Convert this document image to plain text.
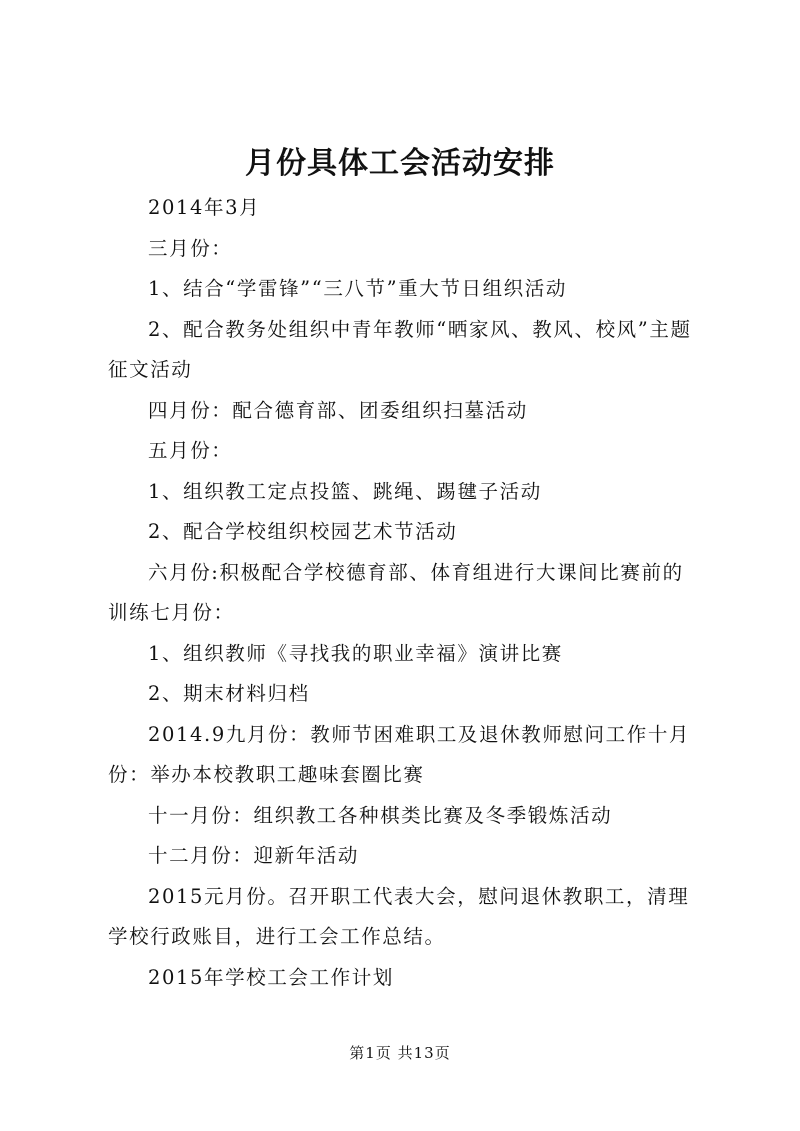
月份具体工会活动安排

2014年3月

三月份：

1、结合“学雷锋”“三八节”重大节日组织活动

2、配合教务处组织中青年教师“晒家风、教风、校风”主题征文活动

四月份：配合德育部、团委组织扫墓活动

五月份：

1、组织教工定点投篮、跳绳、踢毽子活动

2、配合学校组织校园艺术节活动

六月份:积极配合学校德育部、体育组进行大课间比赛前的训练七月份：

1、组织教师《寻找我的职业幸福》演讲比赛

2、期末材料归档

2014.9九月份：教师节困难职工及退休教师慰问工作十月份：举办本校教职工趣味套圈比赛

十一月份：组织教工各种棋类比赛及冬季锻炼活动

十二月份：迎新年活动

2015元月份。召开职工代表大会，慰问退休教职工，清理学校行政账目，进行工会工作总结。

2015年学校工会工作计划

第1页 共13页
